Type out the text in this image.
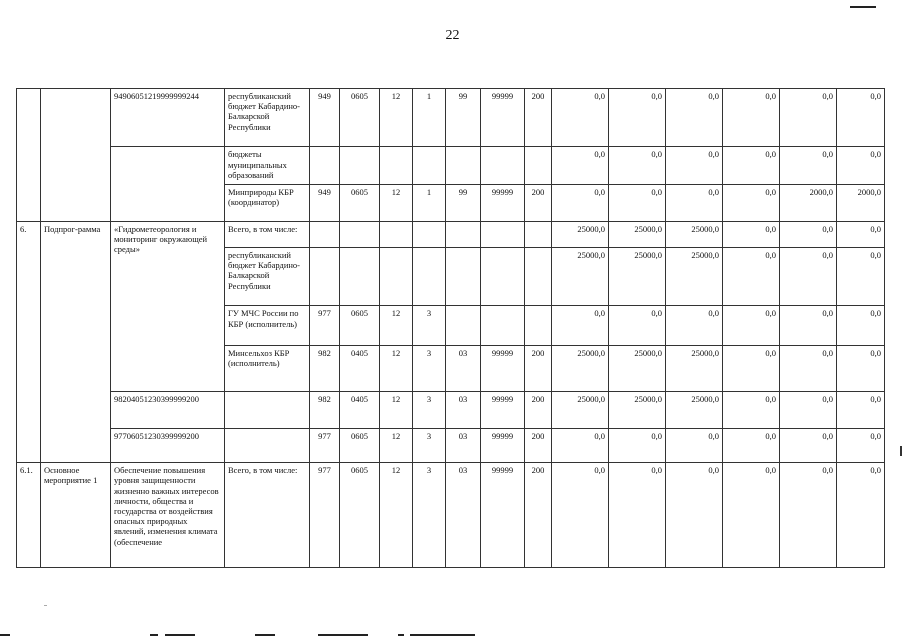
22
		94906051219999999244	республиканский бюджет Кабардино-Балкарской Республики	949	0605	12	1	99	99999	200	0,0	0,0	0,0	0,0	0,0	0,0
			бюджеты муниципальных образований								0,0	0,0	0,0	0,0	0,0	0,0
			Минприроды КБР (координатор)	949	0605	12	1	99	99999	200	0,0	0,0	0,0	0,0	2000,0	2000,0
6.	Подпрог-рамма	«Гидрометеорология и мониторинг окружающей среды»	Всего, в том числе:								25000,0	25000,0	25000,0	0,0	0,0	0,0
			республиканский бюджет Кабардино-Балкарской Республики								25000,0	25000,0	25000,0	0,0	0,0	0,0
			ГУ МЧС России по КБР (исполнитель)	977	0605	12	3				0,0	0,0	0,0	0,0	0,0	0,0
			Минсельхоз КБР (исполнитель)	982	0405	12	3	03	99999	200	25000,0	25000,0	25000,0	0,0	0,0	0,0
		98204051230399999200		982	0405	12	3	03	99999	200	25000,0	25000,0	25000,0	0,0	0,0	0,0
		97706051230399999200		977	0605	12	3	03	99999	200	0,0	0,0	0,0	0,0	0,0	0,0
6.1.	Основное мероприятие 1	Обеспечение повышения уровня защищенности жизненно важных интересов личности, общества и государства от воздействия опасных природных явлений, изменения климата (обеспечение	Всего, в том числе:	977	0605	12	3	03	99999	200	0,0	0,0	0,0	0,0	0,0	0,0
